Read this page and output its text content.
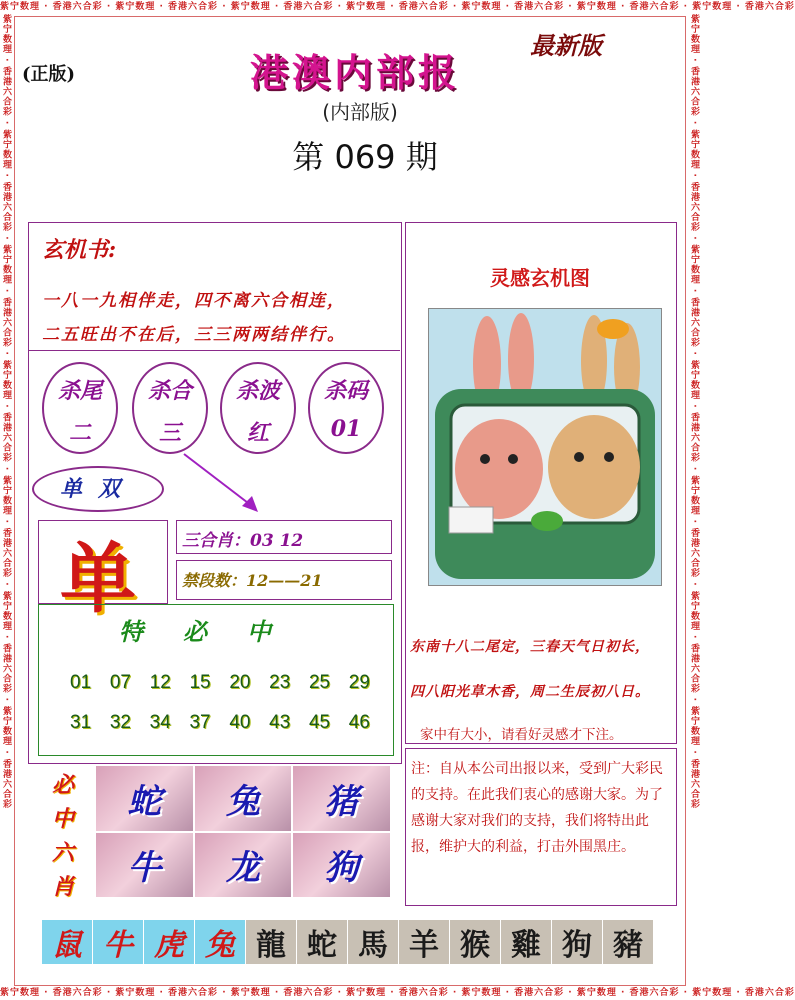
紫宁数理 · 香港六合彩 · 紫宁数理 · 香港六合彩 · 紫宁数理 · 香港六合彩 · 紫宁数理 · 香港六合彩 · 紫宁数理 · 香港六合彩 · 紫宁数理 · 香港六合彩 · 紫宁数理 · 香港六合彩
紫宁数理 · 香港六合彩 · 紫宁数理 · 香港六合彩 · 紫宁数理 · 香港六合彩 · 紫宁数理 · 香港六合彩 · 紫宁数理 · 香港六合彩 · 紫宁数理 · 香港六合彩 · 紫宁数理 · 香港六合彩
紫宁数理 · 香港六合彩 · 紫宁数理 · 香港六合彩 · 紫宁数理 · 香港六合彩 · 紫宁数理 · 香港六合彩 · 紫宁数理 · 香港六合彩 · 紫宁数理 · 香港六合彩 · 紫宁数理 · 香港六合彩	紫宁数理 · 香港六合彩 · 紫宁数理 · 香港六合彩 · 紫宁数理 · 香港六合彩 · 紫宁数理 · 香港六合彩 · 紫宁数理 · 香港六合彩 · 紫宁数理 · 香港六合彩 · 紫宁数理 · 香港六合彩
(正版)	港澳内部报
最新版
(内部版)
第 069 期
玄机书:
一八一九相伴走，四不离六合相连，
二五旺出不在后，三三两两结伴行。
杀尾
二
杀合
三
杀波
红
杀码
01
单双
单	三合肖：03 12
禁段数：12——21
特必中
01 07 12 15 20 23 25 29
31 32 34 37 40 43 45 46
必
中
六
肖
蛇	兔	猪
牛	龙	狗
灵感玄机图
东南十八二尾定，三春天气日初长，
四八阳光草木香，周二生辰初八日。
家中有大小，请看好灵感才下注。
注：自从本公司出报以来，受到广大彩民的支持。在此我们衷心的感谢大家。为了感谢大家对我们的支持，我们将特出此报，维护大的利益，打击外围黑庄。
鼠 牛 虎 兔 龍 蛇 馬 羊 猴 雞 狗 豬
